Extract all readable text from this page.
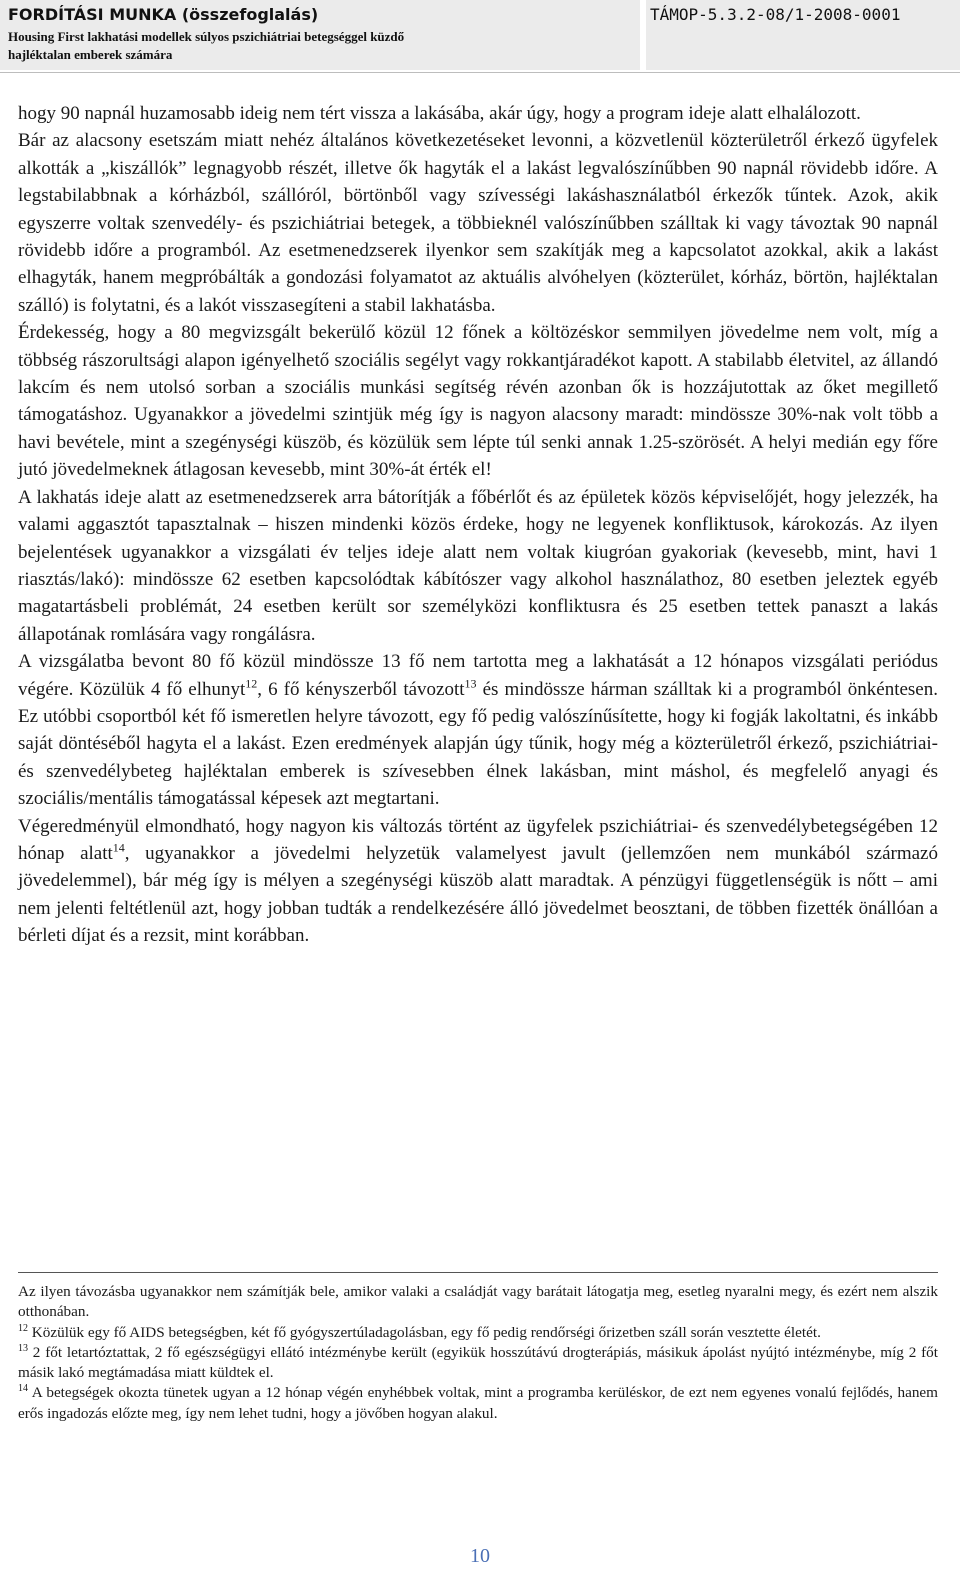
FORDÍTÁSI MUNKA (összefoglalás)
Housing First lakhatási modellek súlyos pszichiátriai betegséggel küzdő
hajléktalan emberek számára
TÁMOP-5.3.2-08/1-2008-0001

hogy 90 napnál huzamosabb ideig nem tért vissza a lakásába, akár úgy, hogy a program ideje alatt elhalálozott.

Bár az alacsony esetszám miatt nehéz általános következetéseket levonni, a közvetlenül közterületről érkező ügyfelek alkották a „kiszállók” legnagyobb részét, illetve ők hagyták el a lakást legvalószínűbben 90 napnál rövidebb időre. A legstabilabbnak a kórházból, szállóról, börtönből vagy szívességi lakáshasználatból érkezők tűntek. Azok, akik egyszerre voltak szenvedély- és pszichiátriai betegek, a többieknél valószínűbben szálltak ki vagy távoztak 90 napnál rövidebb időre a programból. Az esetmenedzserek ilyenkor sem szakítják meg a kapcsolatot azokkal, akik a lakást elhagyták, hanem megpróbálták a gondozási folyamatot az aktuális alvóhelyen (közterület, kórház, börtön, hajléktalan szálló) is folytatni, és a lakót visszasegíteni a stabil lakhatásba.

Érdekesség, hogy a 80 megvizsgált bekerülő közül 12 főnek a költözéskor semmilyen jövedelme nem volt, míg a többség rászorultsági alapon igényelhető szociális segélyt vagy rokkantjáradékot kapott. A stabilabb életvitel, az állandó lakcím és nem utolsó sorban a szociális munkási segítség révén azonban ők is hozzájutottak az őket megillető támogatáshoz. Ugyanakkor a jövedelmi szintjük még így is nagyon alacsony maradt: mindössze 30%-nak volt több a havi bevétele, mint a szegénységi küszöb, és közülük sem lépte túl senki annak 1.25-szörösét. A helyi medián egy főre jutó jövedelmeknek átlagosan kevesebb, mint 30%-át érték el!

A lakhatás ideje alatt az esetmenedzserek arra bátorítják a főbérlőt és az épületek közös képviselőjét, hogy jelezzék, ha valami aggasztót tapasztalnak – hiszen mindenki közös érdeke, hogy ne legyenek konfliktusok, károkozás. Az ilyen bejelentések ugyanakkor a vizsgálati év teljes ideje alatt nem voltak kiugróan gyakoriak (kevesebb, mint, havi 1 riasztás/lakó): mindössze 62 esetben kapcsolódtak kábítószer vagy alkohol használathoz, 80 esetben jeleztek egyéb magatartásbeli problémát, 24 esetben került sor személyközi konfliktusra és 25 esetben tettek panaszt a lakás állapotának romlására vagy rongálásra.

A vizsgálatba bevont 80 fő közül mindössze 13 fő nem tartotta meg a lakhatását a 12 hónapos vizsgálati periódus végére. Közülük 4 fő elhunyt$^{12}$, 6 fő kényszerből távozott$^{13}$ és mindössze hárman szálltak ki a programból önkéntesen. Ez utóbbi csoportból két fő ismeretlen helyre távozott, egy fő pedig valószínűsítette, hogy ki fogják lakoltatni, és inkább saját döntéséből hagyta el a lakást. Ezen eredmények alapján úgy tűnik, hogy még a közterületről érkező, pszichiátriai- és szenvedélybeteg hajléktalan emberek is szívesebben élnek lakásban, mint máshol, és megfelelő anyagi és szociális/mentális támogatással képesek azt megtartani.

Végeredményül elmondható, hogy nagyon kis változás történt az ügyfelek pszichiátriai- és szenvedélybetegségében 12 hónap alatt$^{14}$, ugyanakkor a jövedelmi helyzetük valamelyest javult (jellemzően nem munkából származó jövedelemmel), bár még így is mélyen a szegénységi küszöb alatt maradtak. A pénzügyi függetlenségük is nőtt – ami nem jelenti feltétlenül azt, hogy jobban tudták a rendelkezésére álló jövedelmet beosztani, de többen fizették önállóan a bérleti díjat és a rezsit, mint korábban.

Az ilyen távozásba ugyanakkor nem számítják bele, amikor valaki a családját vagy barátait látogatja meg, esetleg nyaralni megy, és ezért nem alszik otthonában.

$^{12}$ Közülük egy fő AIDS betegségben, két fő gyógyszertúladagolásban, egy fő pedig rendőrségi őrizetben száll során vesztette életét.

$^{13}$ 2 főt letartóztattak, 2 fő egészségügyi ellátó intézménybe került (egyikük hosszútávú drogterápiás, másikuk ápolást nyújtó intézménybe, míg 2 főt másik lakó megtámadása miatt küldtek el.

$^{14}$ A betegségek okozta tünetek ugyan a 12 hónap végén enyhébbek voltak, mint a programba kerüléskor, de ezt nem egyenes vonalú fejlődés, hanem erős ingadozás előzte meg, így nem lehet tudni, hogy a jövőben hogyan alakul.

10
